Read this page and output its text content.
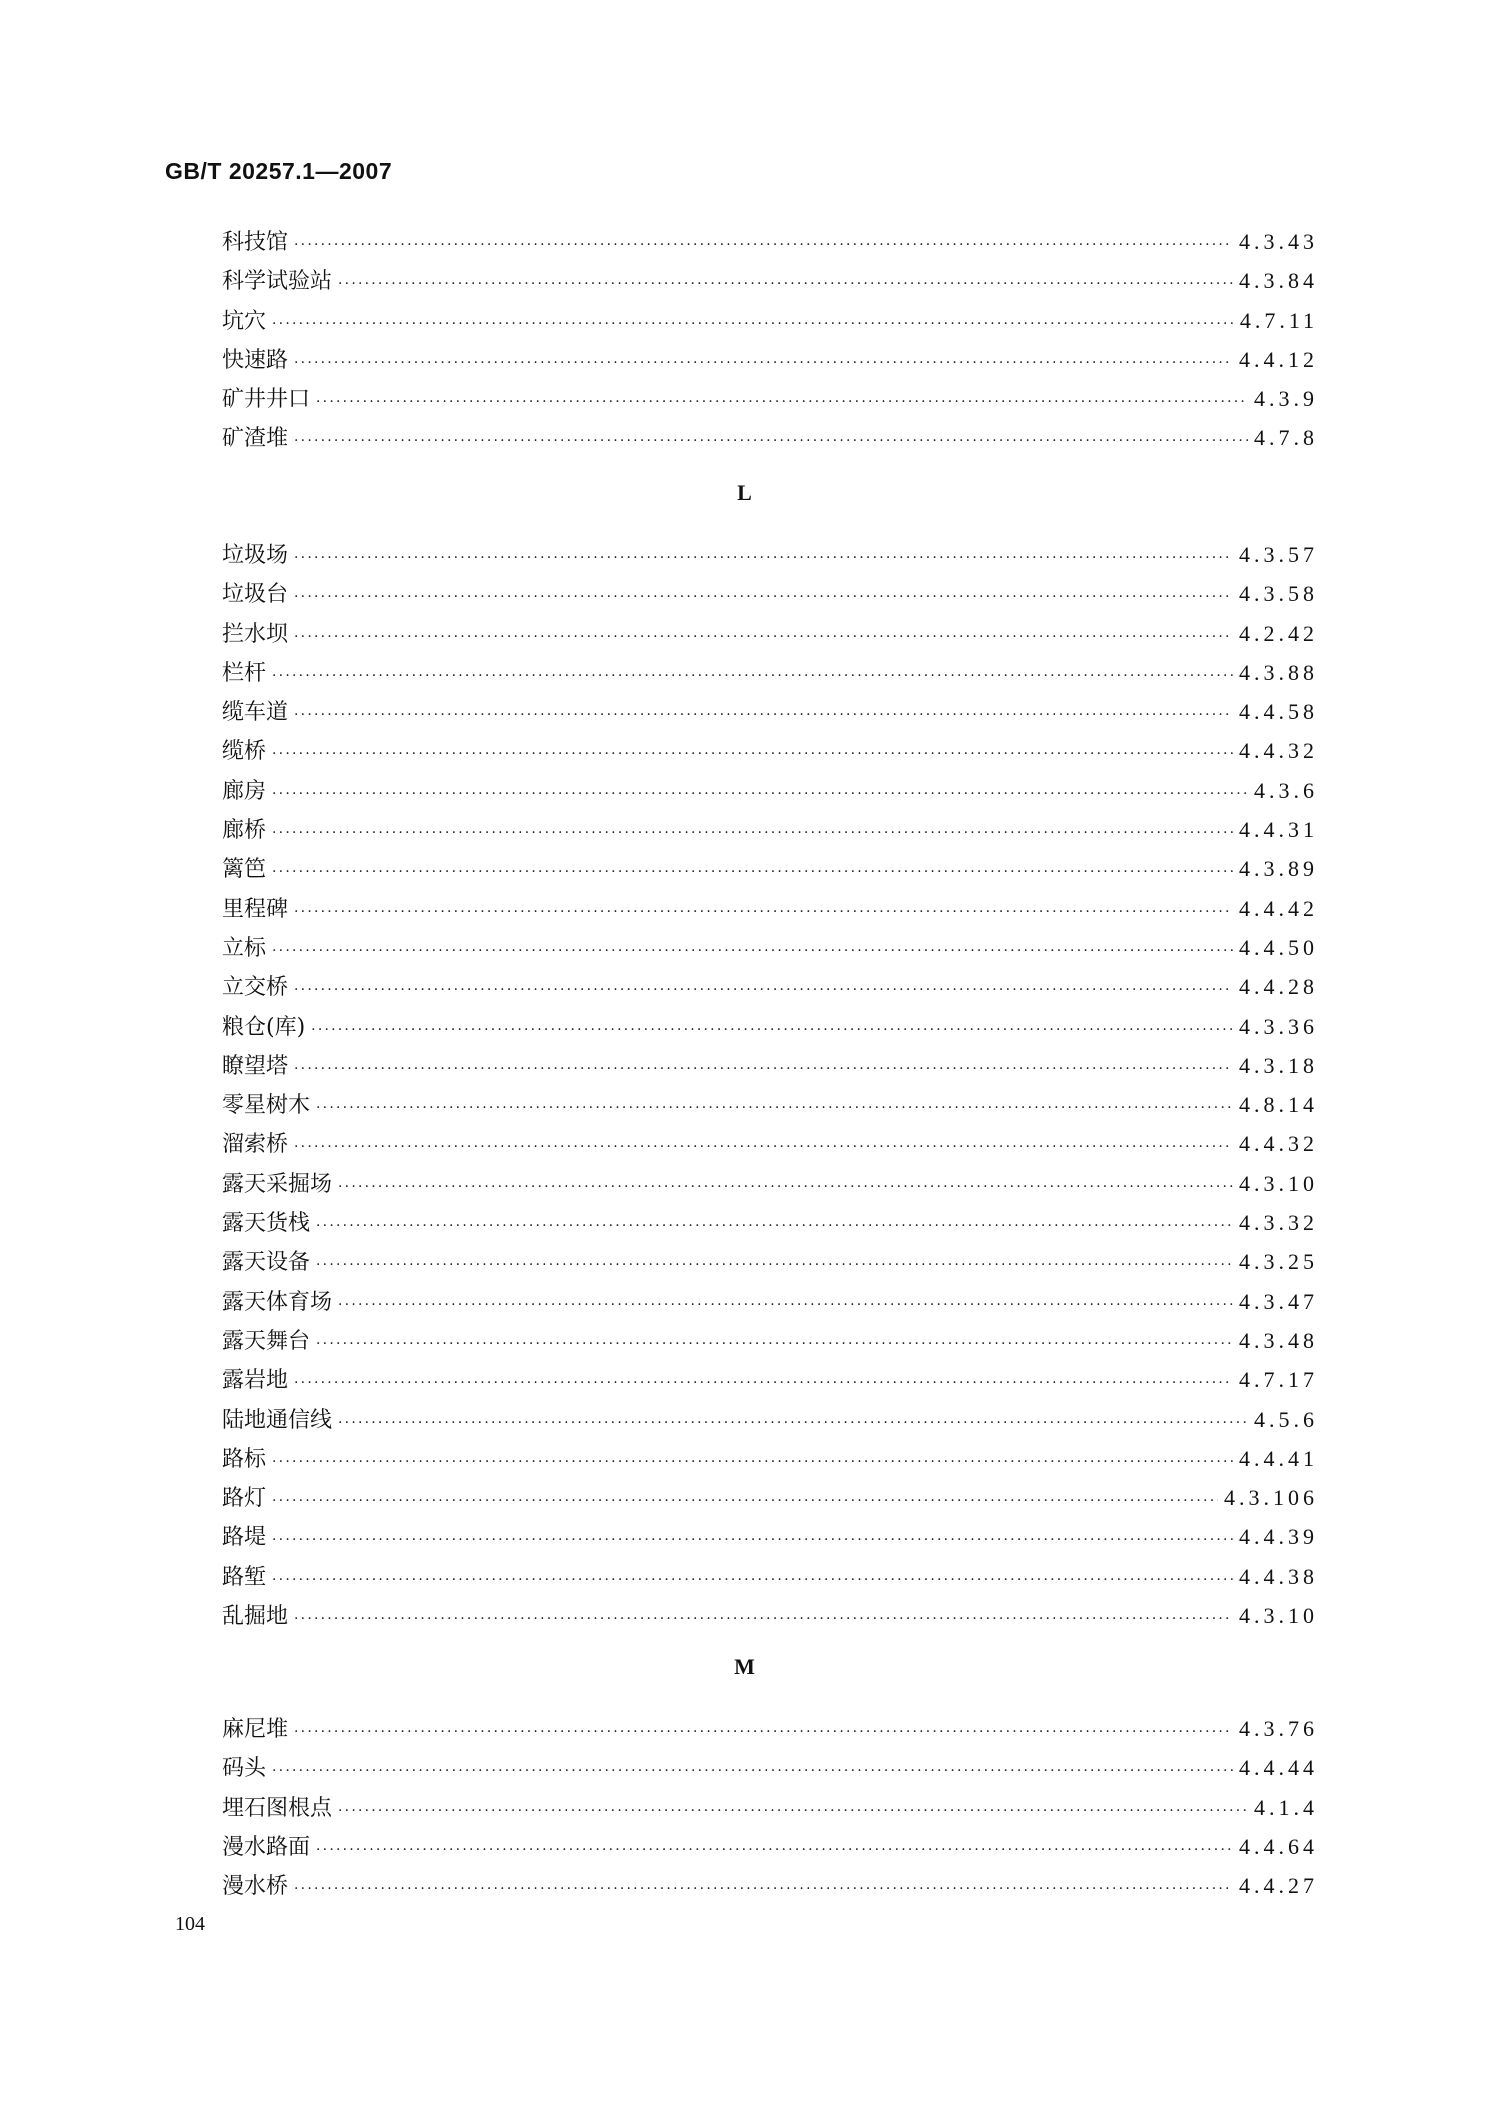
GB/T 20257.1—2007
科技馆 ·····	4.3.43
科学试验站 ·····	4.3.84
坑穴 ·····	4.7.11
快速路 ·····	4.4.12
矿井井口 ·····	4.3.9
矿渣堆 ·····	4.7.8
L
垃圾场 ·····	4.3.57
垃圾台 ·····	4.3.58
拦水坝 ·····	4.2.42
栏杆 ·····	4.3.88
缆车道 ·····	4.4.58
缆桥 ·····	4.4.32
廊房 ·····	4.3.6
廊桥 ·····	4.4.31
篱笆 ·····	4.3.89
里程碑 ·····	4.4.42
立标 ·····	4.4.50
立交桥 ·····	4.4.28
粮仓(库) ·····	4.3.36
瞭望塔 ·····	4.3.18
零星树木 ·····	4.8.14
溜索桥 ·····	4.4.32
露天采掘场 ·····	4.3.10
露天货栈 ·····	4.3.32
露天设备 ·····	4.3.25
露天体育场 ·····	4.3.47
露天舞台 ·····	4.3.48
露岩地 ·····	4.7.17
陆地通信线 ·····	4.5.6
路标 ·····	4.4.41
路灯 ·····	4.3.106
路堤 ·····	4.4.39
路堑 ·····	4.4.38
乱掘地 ·····	4.3.10
M
麻尼堆 ·····	4.3.76
码头 ·····	4.4.44
埋石图根点 ·····	4.1.4
漫水路面 ·····	4.4.64
漫水桥 ·····	4.4.27
104
